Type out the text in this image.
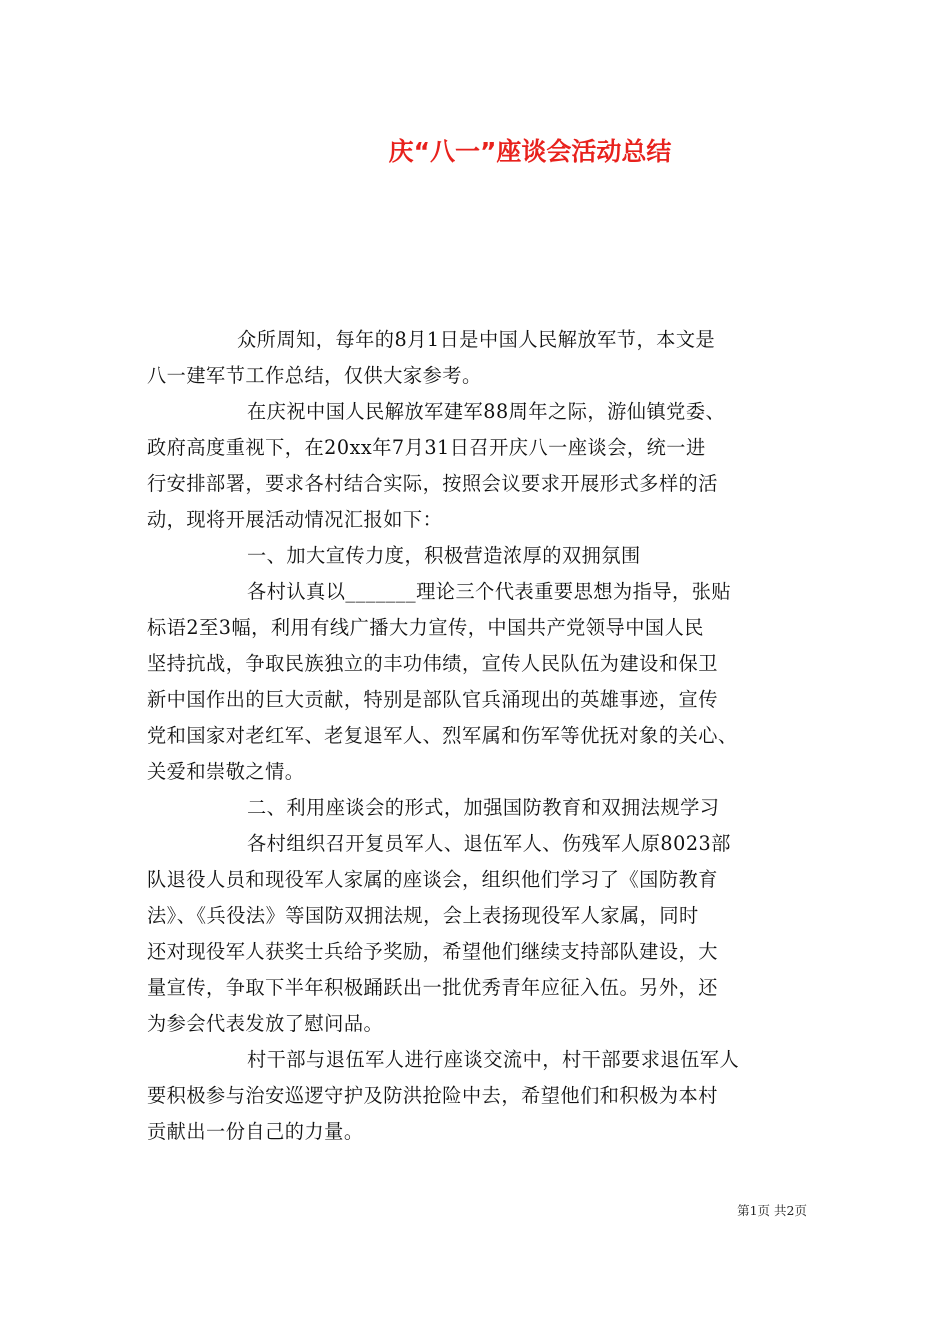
庆“八一”座谈会活动总结
众所周知，每年的8月1日是中国人民解放军节，本文是
八一建军节工作总结，仅供大家参考。
在庆祝中国人民解放军建军88周年之际，游仙镇党委、
政府高度重视下，在20xx年7月31日召开庆八一座谈会，统一进
行安排部署，要求各村结合实际，按照会议要求开展形式多样的活
动，现将开展活动情况汇报如下：
一、加大宣传力度，积极营造浓厚的双拥氛围
各村认真以_______理论三个代表重要思想为指导，张贴
标语2至3幅，利用有线广播大力宣传，中国共产党领导中国人民
坚持抗战，争取民族独立的丰功伟绩，宣传人民队伍为建设和保卫
新中国作出的巨大贡献，特别是部队官兵涌现出的英雄事迹，宣传
党和国家对老红军、老复退军人、烈军属和伤军等优抚对象的关心、
关爱和崇敬之情。
二、利用座谈会的形式，加强国防教育和双拥法规学习
各村组织召开复员军人、退伍军人、伤残军人原8023部
队退役人员和现役军人家属的座谈会，组织他们学习了《国防教育
法》、《兵役法》等国防双拥法规，会上表扬现役军人家属，同时
还对现役军人获奖士兵给予奖励，希望他们继续支持部队建设，大
量宣传，争取下半年积极踊跃出一批优秀青年应征入伍。另外，还
为参会代表发放了慰问品。
村干部与退伍军人进行座谈交流中，村干部要求退伍军人
要积极参与治安巡逻守护及防洪抢险中去，希望他们和积极为本村
贡献出一份自己的力量。
第1页 共2页
